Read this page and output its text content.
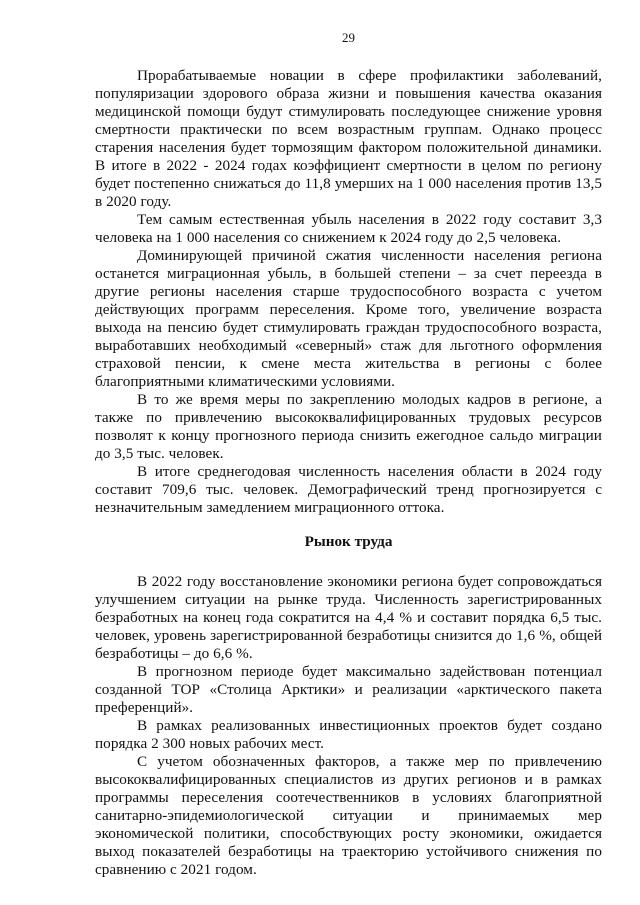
29

Прорабатываемые новации в сфере профилактики заболеваний, популяризации здорового образа жизни и повышения качества оказания медицинской помощи будут стимулировать последующее снижение уровня смертности практически по всем возрастным группам. Однако процесс старения населения будет тормозящим фактором положительной динамики. В итоге в 2022 - 2024 годах коэффициент смертности в целом по региону будет постепенно снижаться до 11,8 умерших на 1 000 населения против 13,5 в 2020 году.

Тем самым естественная убыль населения в 2022 году составит 3,3 человека на 1 000 населения со снижением к 2024 году до 2,5 человека.

Доминирующей причиной сжатия численности населения региона останется миграционная убыль, в большей степени – за счет переезда в другие регионы населения старше трудоспособного возраста с учетом действующих программ переселения. Кроме того, увеличение возраста выхода на пенсию будет стимулировать граждан трудоспособного возраста, выработавших необходимый «северный» стаж для льготного оформления страховой пенсии, к смене места жительства в регионы с более благоприятными климатическими условиями.

В то же время меры по закреплению молодых кадров в регионе, а также по привлечению высококвалифицированных трудовых ресурсов позволят к концу прогнозного периода снизить ежегодное сальдо миграции до 3,5 тыс. человек.

В итоге среднегодовая численность населения области в 2024 году составит 709,6 тыс. человек. Демографический тренд прогнозируется с незначительным замедлением миграционного оттока.

Рынок труда

В 2022 году восстановление экономики региона будет сопровождаться улучшением ситуации на рынке труда. Численность зарегистрированных безработных на конец года сократится на 4,4 % и составит порядка 6,5 тыс. человек, уровень зарегистрированной безработицы снизится до 1,6 %, общей безработицы – до 6,6 %.

В прогнозном периоде будет максимально задействован потенциал созданной ТОР «Столица Арктики» и реализации «арктического пакета преференций».

В рамках реализованных инвестиционных проектов будет создано порядка 2 300 новых рабочих мест.

С учетом обозначенных факторов, а также мер по привлечению высококвалифицированных специалистов из других регионов и в рамках программы переселения соотечественников в условиях благоприятной санитарно-эпидемиологической ситуации и принимаемых мер экономической политики, способствующих росту экономики, ожидается выход показателей безработицы на траекторию устойчивого снижения по сравнению с 2021 годом.
